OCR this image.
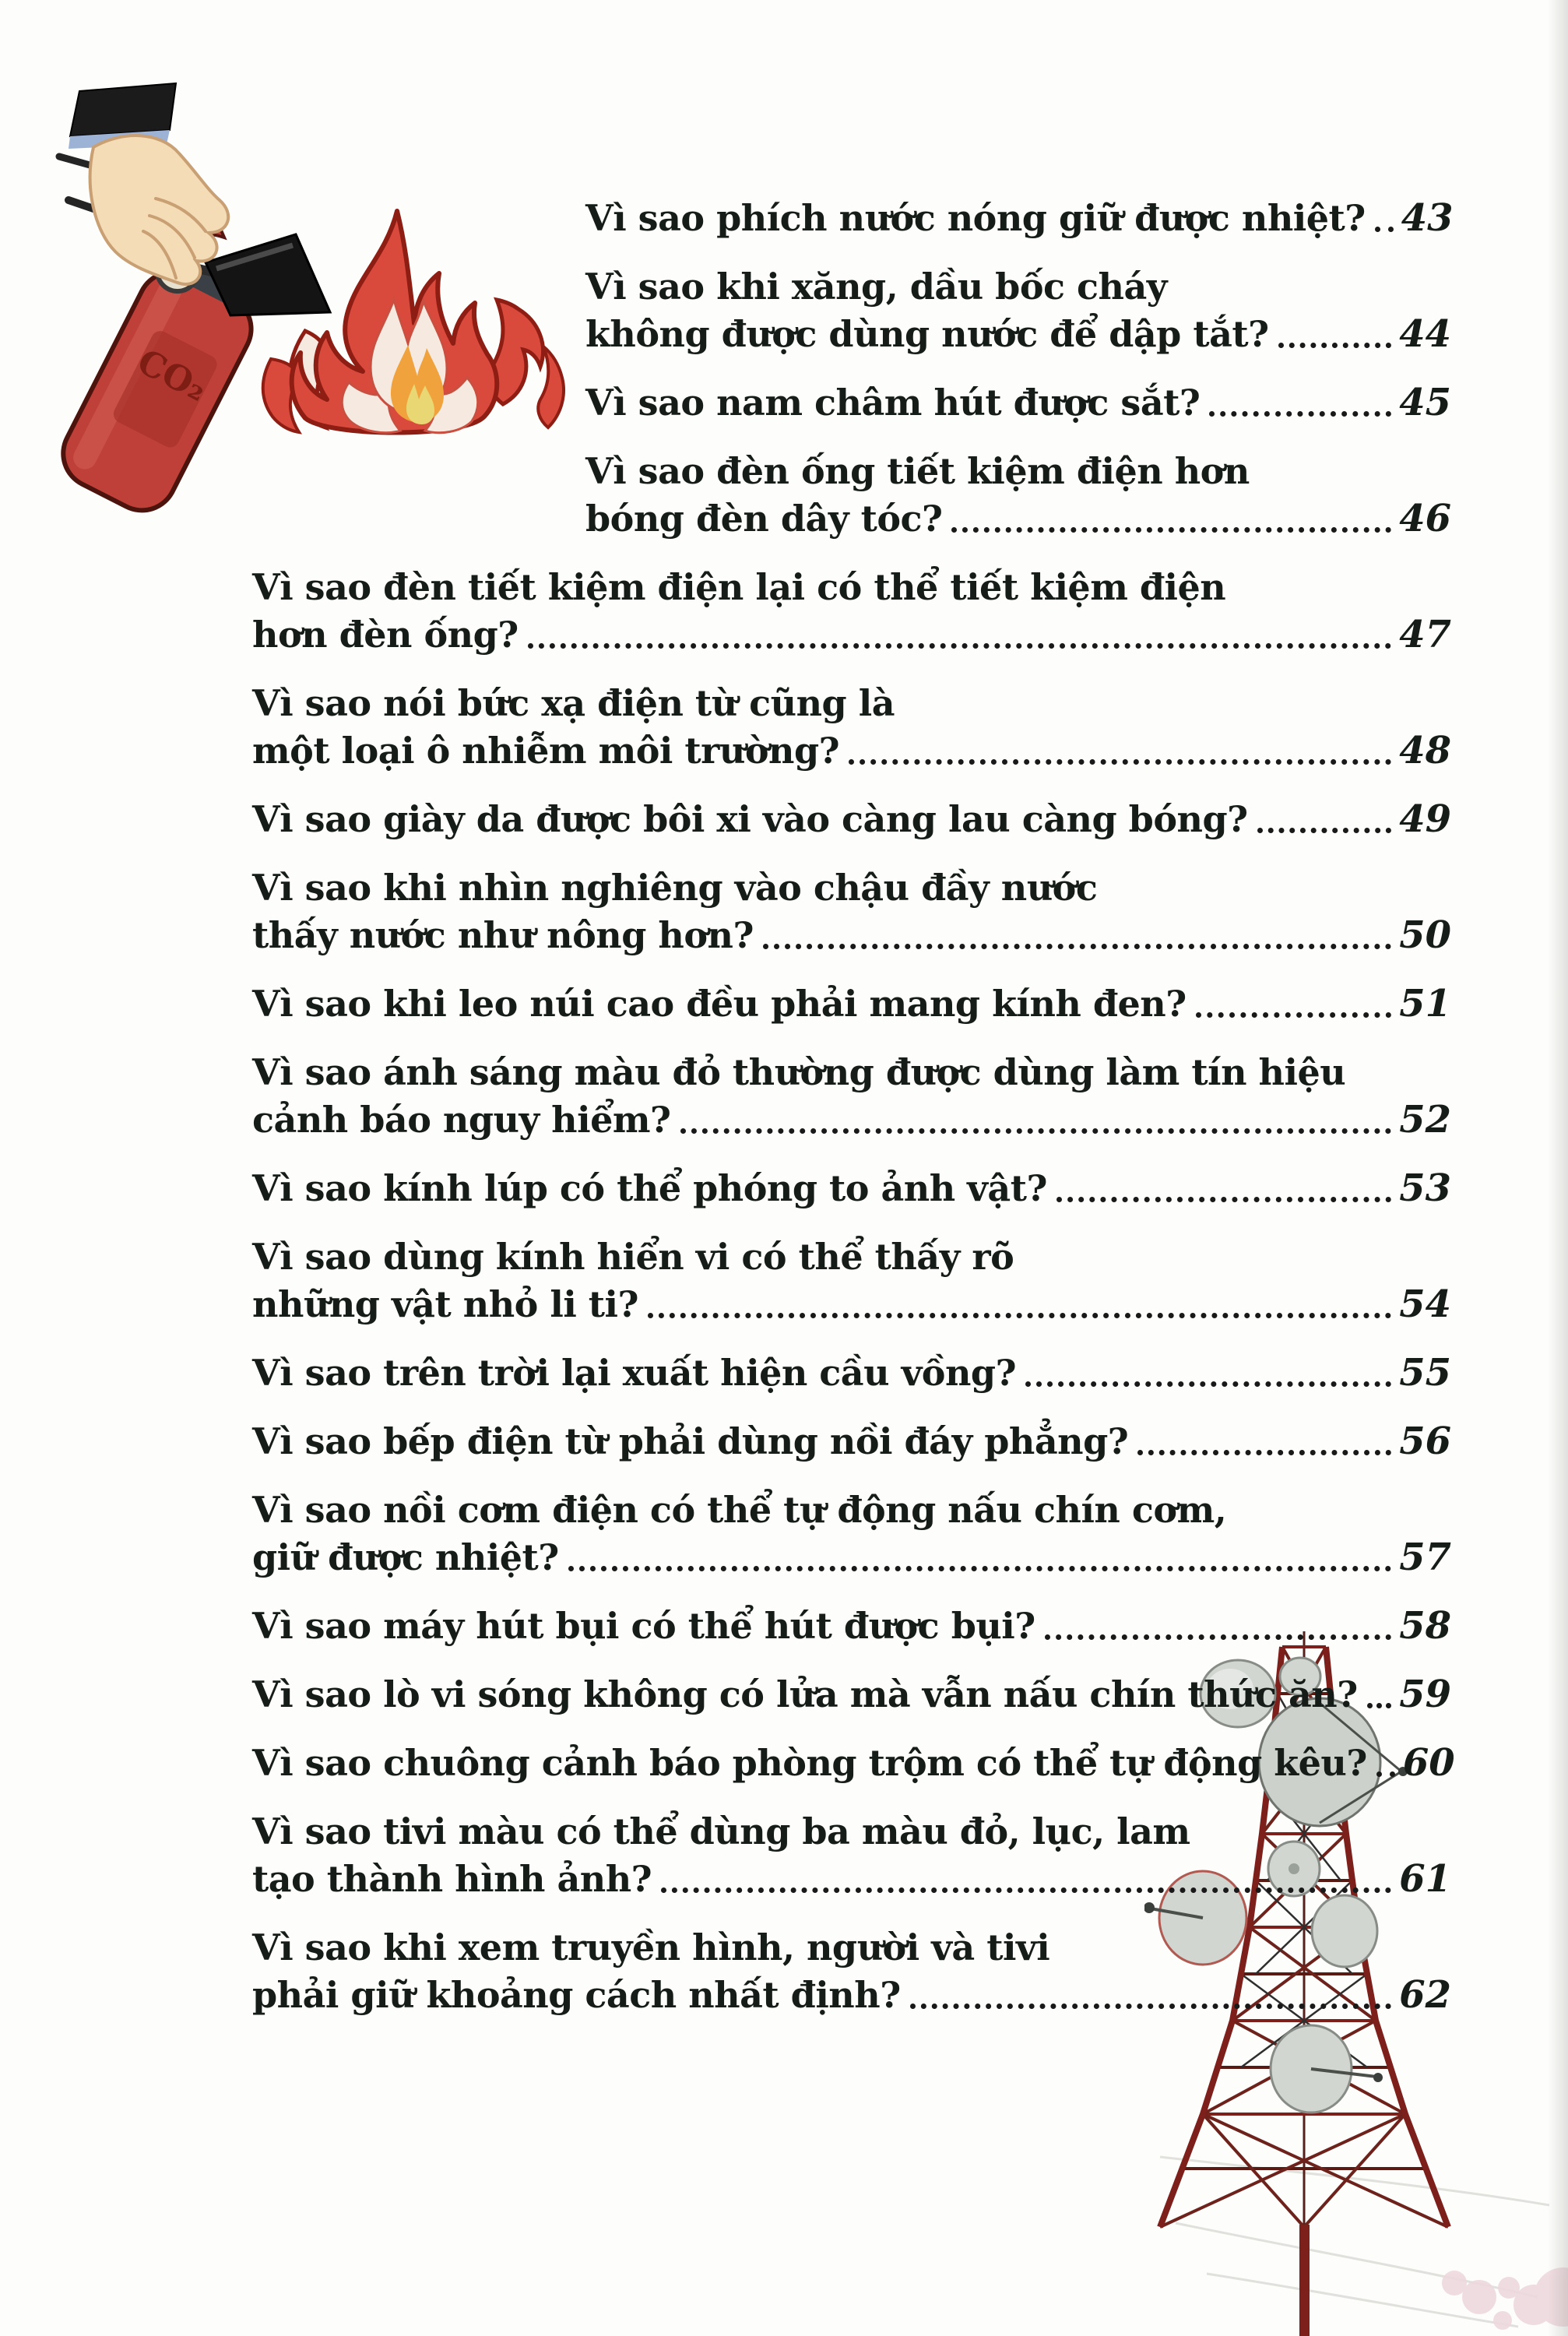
CO₂
Vì sao phích nước nóng giữ được nhiệt? 43
Vì sao khi xăng, dầu bốc cháy
không được dùng nước để dập tắt?	44
Vì sao nam châm hút được sắt?	45
Vì sao đèn ống tiết kiệm điện hơn
bóng đèn dây tóc?	46
Vì sao đèn tiết kiệm điện lại có thể tiết kiệm điện
hơn đèn ống?	47
Vì sao nói bức xạ điện từ cũng là
một loại ô nhiễm môi trường?	48
Vì sao giày da được bôi xi vào càng lau càng bóng?	49
Vì sao khi nhìn nghiêng vào chậu đầy nước
thấy nước như nông hơn?	50
Vì sao khi leo núi cao đều phải mang kính đen?	51
Vì sao ánh sáng màu đỏ thường được dùng làm tín hiệu
cảnh báo nguy hiểm?	52
Vì sao kính lúp có thể phóng to ảnh vật?	53
Vì sao dùng kính hiển vi có thể thấy rõ
những vật nhỏ li ti?	54
Vì sao trên trời lại xuất hiện cầu vồng?	55
Vì sao bếp điện từ phải dùng nồi đáy phẳng?	56
Vì sao nồi cơm điện có thể tự động nấu chín cơm,
giữ được nhiệt?	57
Vì sao máy hút bụi có thể hút được bụi?	58
Vì sao lò vi sóng không có lửa mà vẫn nấu chín thức ăn? 59
Vì sao chuông cảnh báo phòng trộm có thể tự động kêu? 60
Vì sao tivi màu có thể dùng ba màu đỏ, lục, lam
tạo thành hình ảnh?	61
Vì sao khi xem truyền hình, người và tivi
phải giữ khoảng cách nhất định?	62
